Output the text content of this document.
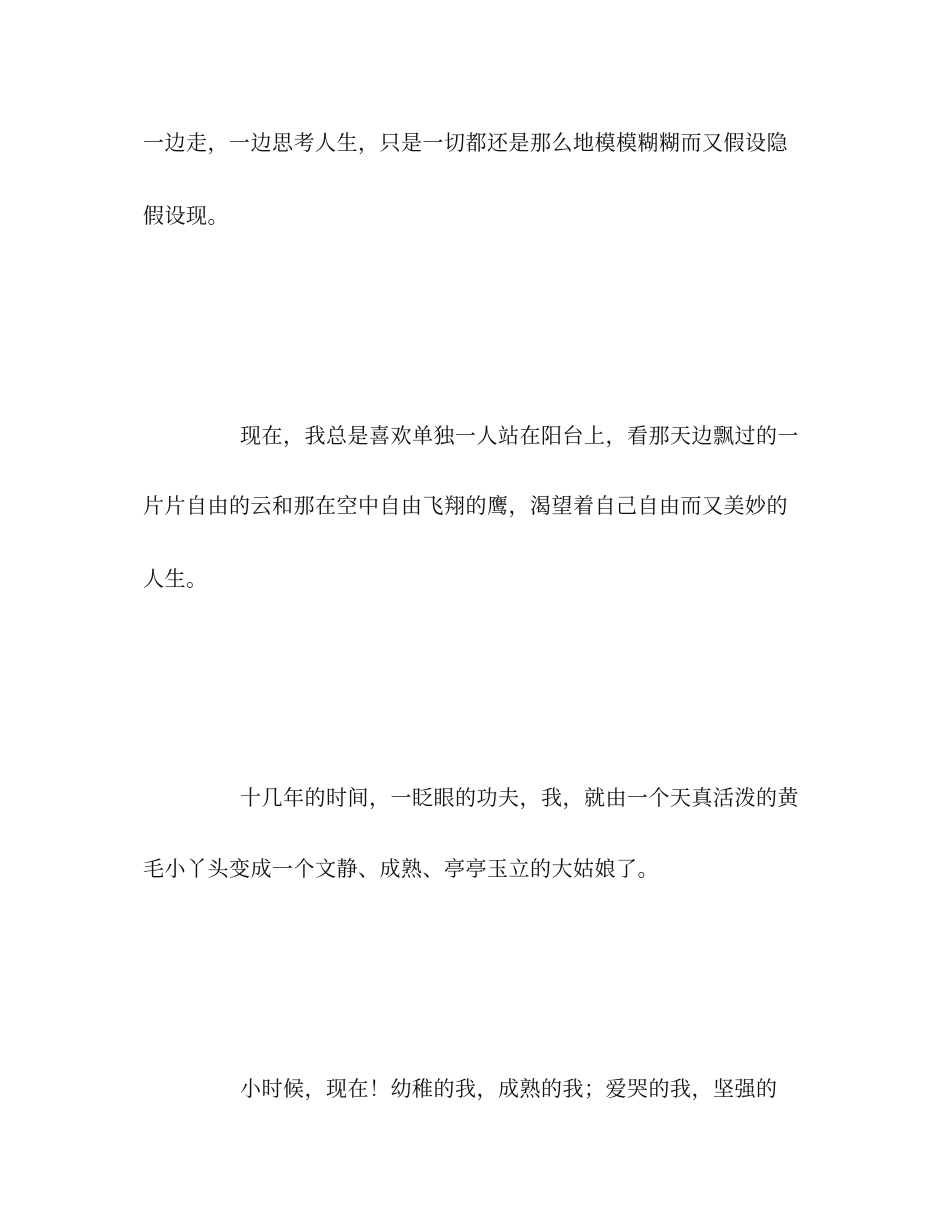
一边走，一边思考人生，只是一切都还是那么地模模糊糊而又假设隐
假设现。
现在，我总是喜欢单独一人站在阳台上，看那天边飘过的一
片片自由的云和那在空中自由飞翔的鹰，渴望着自己自由而又美妙的
人生。
十几年的时间，一眨眼的功夫，我，就由一个天真活泼的黄
毛小丫头变成一个文静、成熟、亭亭玉立的大姑娘了。
小时候，现在！幼稚的我，成熟的我；爱哭的我，坚强的
